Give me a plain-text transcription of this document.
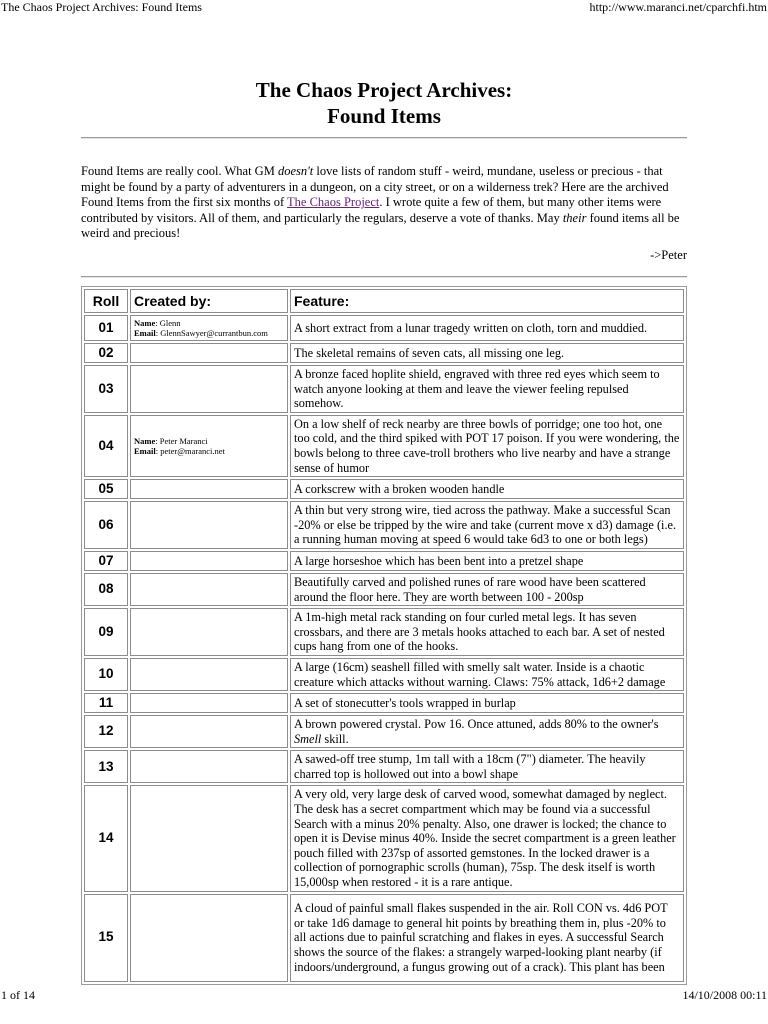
The Chaos Project Archives: Found Items	http://www.maranci.net/cparchfi.htm
The Chaos Project Archives:
Found Items
Found Items are really cool. What GM doesn't love lists of random stuff - weird, mundane, useless or precious - that might be found by a party of adventurers in a dungeon, on a city street, or on a wilderness trek? Here are the archived Found Items from the first six months of The Chaos Project. I wrote quite a few of them, but many other items were contributed by visitors. All of them, and particularly the regulars, deserve a vote of thanks. May their found items all be weird and precious!
->Peter
Roll	Created by:	Feature:
01	Name: Glenn
Email: GlennSawyer@currantbun.com	A short extract from a lunar tragedy written on cloth, torn and muddied.
02		The skeletal remains of seven cats, all missing one leg.
03		A bronze faced hoplite shield, engraved with three red eyes which seem to watch anyone looking at them and leave the viewer feeling repulsed somehow.
04	Name: Peter Maranci
Email: peter@maranci.net	On a low shelf of reck nearby are three bowls of porridge; one too hot, one too cold, and the third spiked with POT 17 poison. If you were wondering, the bowls belong to three cave-troll brothers who live nearby and have a strange sense of humor
05		A corkscrew with a broken wooden handle
06		A thin but very strong wire, tied across the pathway. Make a successful Scan -20% or else be tripped by the wire and take (current move x d3) damage (i.e. a running human moving at speed 6 would take 6d3 to one or both legs)
07		A large horseshoe which has been bent into a pretzel shape
08		Beautifully carved and polished runes of rare wood have been scattered around the floor here. They are worth between 100 - 200sp
09		A 1m-high metal rack standing on four curled metal legs. It has seven crossbars, and there are 3 metals hooks attached to each bar. A set of nested cups hang from one of the hooks.
10		A large (16cm) seashell filled with smelly salt water. Inside is a chaotic creature which attacks without warning. Claws: 75% attack, 1d6+2 damage
11		A set of stonecutter's tools wrapped in burlap
12		A brown powered crystal. Pow 16. Once attuned, adds 80% to the owner's Smell skill.
13		A sawed-off tree stump, 1m tall with a 18cm (7") diameter. The heavily charred top is hollowed out into a bowl shape
14		A very old, very large desk of carved wood, somewhat damaged by neglect. The desk has a secret compartment which may be found via a successful Search with a minus 20% penalty. Also, one drawer is locked; the chance to open it is Devise minus 40%. Inside the secret compartment is a green leather pouch filled with 237sp of assorted gemstones. In the locked drawer is a collection of pornographic scrolls (human), 75sp. The desk itself is worth 15,000sp when restored - it is a rare antique.
15		A cloud of painful small flakes suspended in the air. Roll CON vs. 4d6 POT or take 1d6 damage to general hit points by breathing them in, plus -20% to all actions due to painful scratching and flakes in eyes. A successful Search shows the source of the flakes: a strangely warped-looking plant nearby (if indoors/underground, a fungus growing out of a crack). This plant has been
1 of 14	14/10/2008 00:11
